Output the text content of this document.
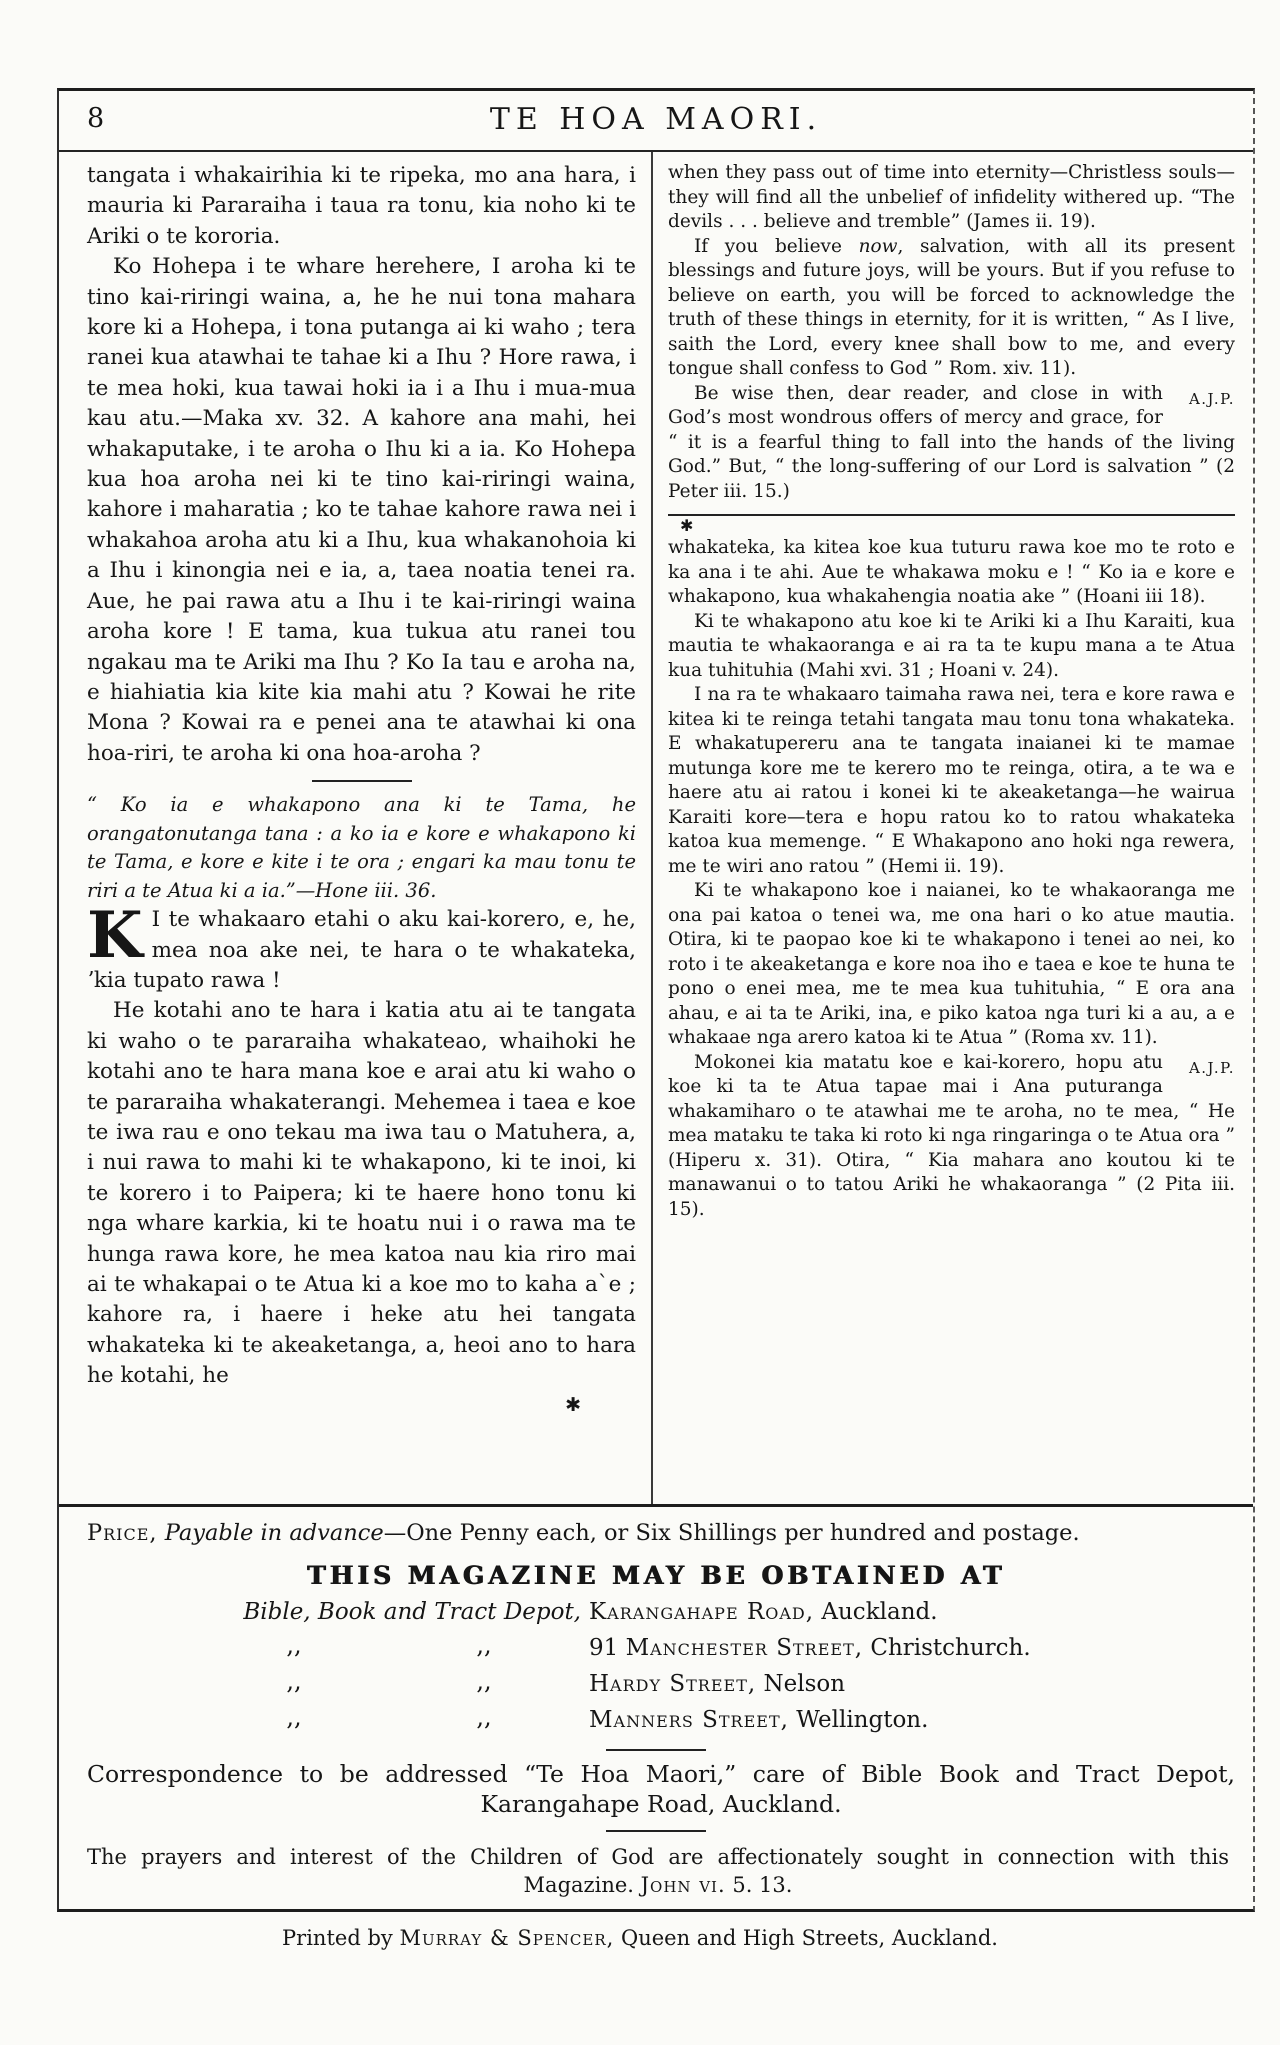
8	TE HOA MAORI.

tangata i whakairihia ki te ripeka, mo ana hara, i mauria ki Pararaiha i taua ra tonu, kia noho ki te Ariki o te kororia.

Ko Hohepa i te whare herehere, I aroha ki te tino kai-riringi waina, a, he he nui tona mahara kore ki a Hohepa, i tona putanga ai ki waho ; tera ranei kua atawhai te tahae ki a Ihu ? Hore rawa, i te mea hoki, kua tawai hoki ia i a Ihu i mua-mua kau atu.—Maka xv. 32. A kahore ana mahi, hei whakaputake, i te aroha o Ihu ki a ia. Ko Hohepa kua hoa aroha nei ki te tino kai-riringi waina, kahore i maharatia ; ko te tahae kahore rawa nei i whakahoa aroha atu ki a Ihu, kua whakanohoia ki a Ihu i kinongia nei e ia, a, taea noatia tenei ra. Aue, he pai rawa atu a Ihu i te kai-riringi waina aroha kore ! E tama, kua tukua atu ranei tou ngakau ma te Ariki ma Ihu ? Ko Ia tau e aroha na, e hiahiatia kia kite kia mahi atu ? Kowai he rite Mona ? Kowai ra e penei ana te atawhai ki ona hoa-riri, te aroha ki ona hoa-aroha ?

“ Ko ia e whakapono ana ki te Tama, he orangatonutanga tana : a ko ia e kore e whakapono ki te Tama, e kore e kite i te ora ; engari ka mau tonu te riri a te Atua ki a ia.”—Hone iii. 36.

K I te whakaaro etahi o aku kai-korero, e, he, mea noa ake nei, te hara o te whakateka, ʼkia tupato rawa !

He kotahi ano te hara i katia atu ai te tangata ki waho o te pararaiha whakateao, whaihoki he kotahi ano te hara mana koe e arai atu ki waho o te pararaiha whakaterangi. Mehemea i taea e koe te iwa rau e ono tekau ma iwa tau o Matuhera, a, i nui rawa to mahi ki te whakapono, ki te inoi, ki te korero i to Paipera; ki te haere hono tonu ki nga whare karkia, ki te hoatu nui i o rawa ma te hunga rawa kore, he mea katoa nau kia riro mai ai te whakapai o te Atua ki a koe mo to kaha a`e ; kahore ra, i haere i heke atu hei tangata whakateka ki te akeaketanga, a, heoi ano to hara he kotahi, he

✱

when they pass out of time into eternity—Christless souls—they will find all the unbelief of infidelity withered up. “The devils . . . believe and tremble” (James ii. 19).

If you believe now, salvation, with all its present blessings and future joys, will be yours. But if you refuse to believe on earth, you will be forced to acknowledge the truth of these things in eternity, for it is written, “ As I live, saith the Lord, every knee shall bow to me, and every tongue shall confess to God ” Rom. xiv. 11).

A.J.P.
Be wise then, dear reader, and close in with God’s most wondrous offers of mercy and grace, for “ it is a fearful thing to fall into the hands of the living God.” But, “ the long-suffering of our Lord is salvation ” (2 Peter iii. 15.)

✱

whakateka, ka kitea koe kua tuturu rawa koe mo te roto e ka ana i te ahi. Aue te whakawa moku e ! “ Ko ia e kore e whakapono, kua whakahengia noatia ake ” (Hoani iii 18).

Ki te whakapono atu koe ki te Ariki ki a Ihu Karaiti, kua mautia te whakaoranga e ai ra ta te kupu mana a te Atua kua tuhituhia (Mahi xvi. 31 ; Hoani v. 24).

I na ra te whakaaro taimaha rawa nei, tera e kore rawa e kitea ki te reinga tetahi tangata mau tonu tona whakateka. E whakatupereru ana te tangata inaianei ki te mamae mutunga kore me te kerero mo te reinga, otira, a te wa e haere atu ai ratou i konei ki te akeaketanga—he wairua Karaiti kore—tera e hopu ratou ko to ratou whakateka katoa kua memenge. “ E Whakapono ano hoki nga rewera, me te wiri ano ratou ” (Hemi ii. 19).

Ki te whakapono koe i naianei, ko te whakaoranga me ona pai katoa o tenei wa, me ona hari o ko atue mautia. Otira, ki te paopao koe ki te whakapono i tenei ao nei, ko roto i te akeaketanga e kore noa iho e taea e koe te huna te pono o enei mea, me te mea kua tuhituhia, “ E ora ana ahau, e ai ta te Ariki, ina, e piko katoa nga turi ki a au, a e whakaae nga arero katoa ki te Atua ” (Roma xv. 11).

A.J.P.
Mokonei kia matatu koe e kai-korero, hopu atu koe ki ta te Atua tapae mai i Ana puturanga whakamiharo o te atawhai me te aroha, no te mea, “ He mea mataku te taka ki roto ki nga ringaringa o te Atua ora ” (Hiperu x. 31). Otira, “ Kia mahara ano koutou ki te manawanui o to tatou Ariki he whakaoranga ” (2 Pita iii. 15).

Price, Payable in advance—One Penny each, or Six Shillings per hundred and postage.

THIS MAGAZINE MAY BE OBTAINED AT
Bible, Book and Tract Depot, Karangahape Road, Auckland.
,,	,,	91 Manchester Street, Christchurch.
,,	,,	Hardy Street, Nelson
,,	,,	Manners Street, Wellington.

Correspondence to be addressed “Te Hoa Maori,” care of Bible Book and Tract Depot, Karangahape Road, Auckland.

The prayers and interest of the Children of God are affectionately sought in connection with this Magazine. John vi. 5. 13.

Printed by Murray & Spencer, Queen and High Streets, Auckland.
